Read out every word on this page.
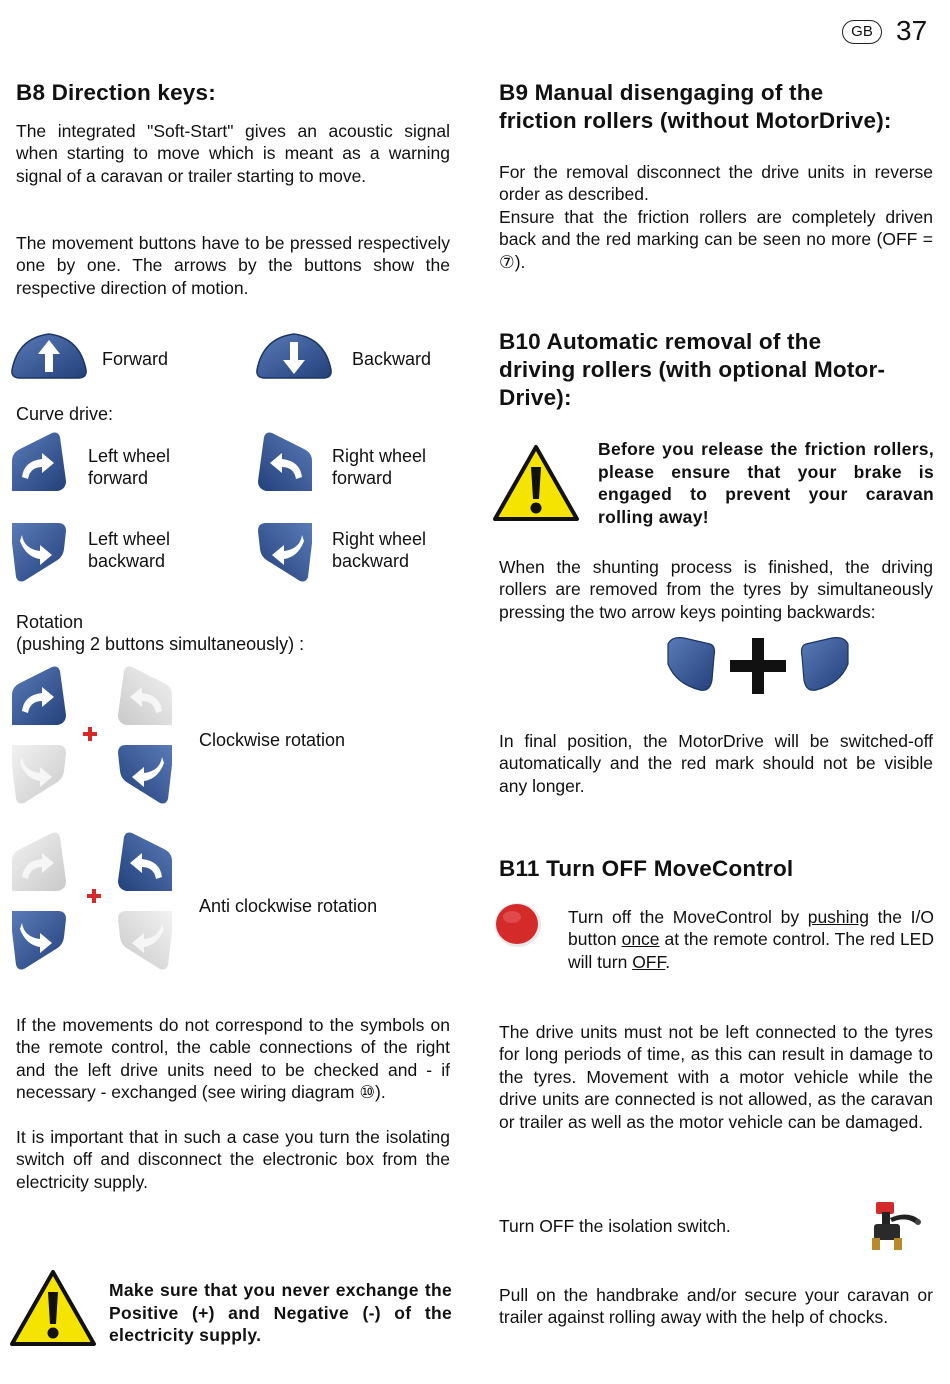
GB 37
B8 Direction keys:

The integrated "Soft-Start" gives an acoustic signal when starting to move which is meant as a warning signal of a caravan or trailer starting to move.

The movement buttons have to be pressed respectively one by one. The arrows by the buttons show the respective direction of motion.

Forward	Backward

Curve drive:

Left wheel

forward

Right wheel

forward

Left wheel

backward

Right wheel

backward

Rotation

(pushing 2 buttons simultaneously) :

Clockwise rotation

Anti clockwise rotation

If the movements do not correspond to the symbols on the remote control, the cable connections of the right and the left drive units need to be checked and - if necessary - exchanged (see wiring diagram ⑩).

It is important that in such a case you turn the isolating switch off and disconnect the electronic box from the electricity supply.

Make sure that you never exchange the Positive (+) and Negative (-) of the electricity supply.

B9 Manual disengaging of the
friction rollers (without MotorDrive):

For the removal disconnect the drive units in reverse order as described.

Ensure that the friction rollers are completely driven back and the red marking can be seen no more (OFF = ⑦).

B10 Automatic removal of the
driving rollers (with optional Motor-
Drive):

Before you release the friction rollers, please ensure that your brake is engaged to prevent your caravan rolling away!

When the shunting process is finished, the driving rollers are removed from the tyres by simultaneously pressing the two arrow keys pointing backwards:

In final position, the MotorDrive will be switched-off automatically and the red mark should not be visible any longer.

B11 Turn OFF MoveControl

Turn off the MoveControl by pushing the I/O button once at the remote control. The red LED will turn OFF.

The drive units must not be left connected to the tyres for long periods of time, as this can result in damage to the tyres. Movement with a motor vehicle while the drive units are connected is not allowed, as the caravan or trailer as well as the motor vehicle can be damaged.

Turn OFF the isolation switch.

Pull on the handbrake and/or secure your caravan or trailer against rolling away with the help of chocks.
